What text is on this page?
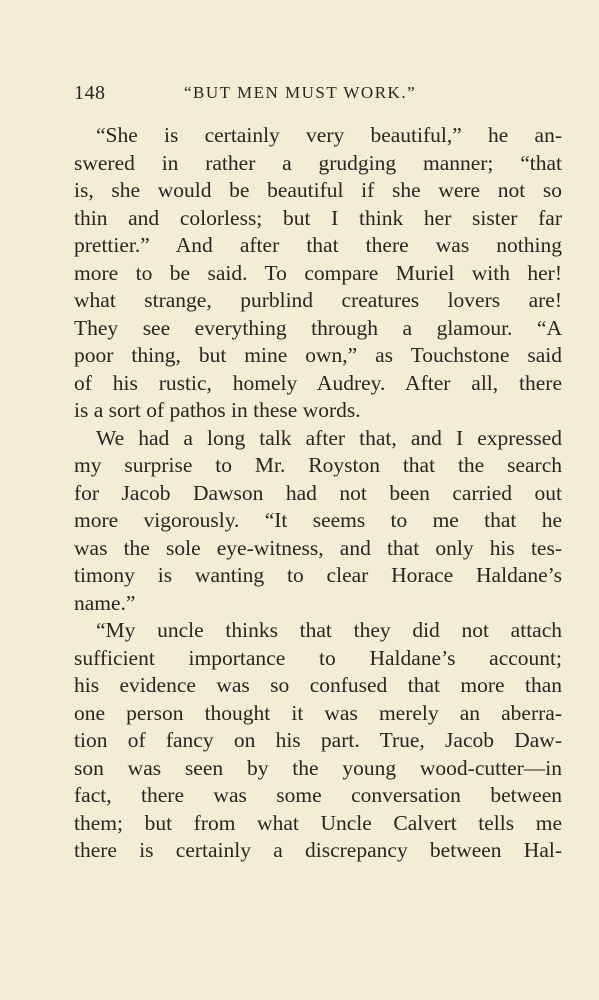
148	“BUT MEN MUST WORK.”
“She is certainly very beautiful,” he an-
swered in rather a grudging manner; “that
is, she would be beautiful if she were not so
thin and colorless; but I think her sister far
prettier.” And after that there was nothing
more to be said. To compare Muriel with her!
what strange, purblind creatures lovers are!
They see everything through a glamour. “A
poor thing, but mine own,” as Touchstone said
of his rustic, homely Audrey. After all, there
is a sort of pathos in these words.
We had a long talk after that, and I expressed
my surprise to Mr. Royston that the search
for Jacob Dawson had not been carried out
more vigorously. “It seems to me that he
was the sole eye-witness, and that only his tes-
timony is wanting to clear Horace Haldane’s
name.”
“My uncle thinks that they did not attach
sufficient importance to Haldane’s account;
his evidence was so confused that more than
one person thought it was merely an aberra-
tion of fancy on his part. True, Jacob Daw-
son was seen by the young wood-cutter—in
fact, there was some conversation between
them; but from what Uncle Calvert tells me
there is certainly a discrepancy between Hal-
